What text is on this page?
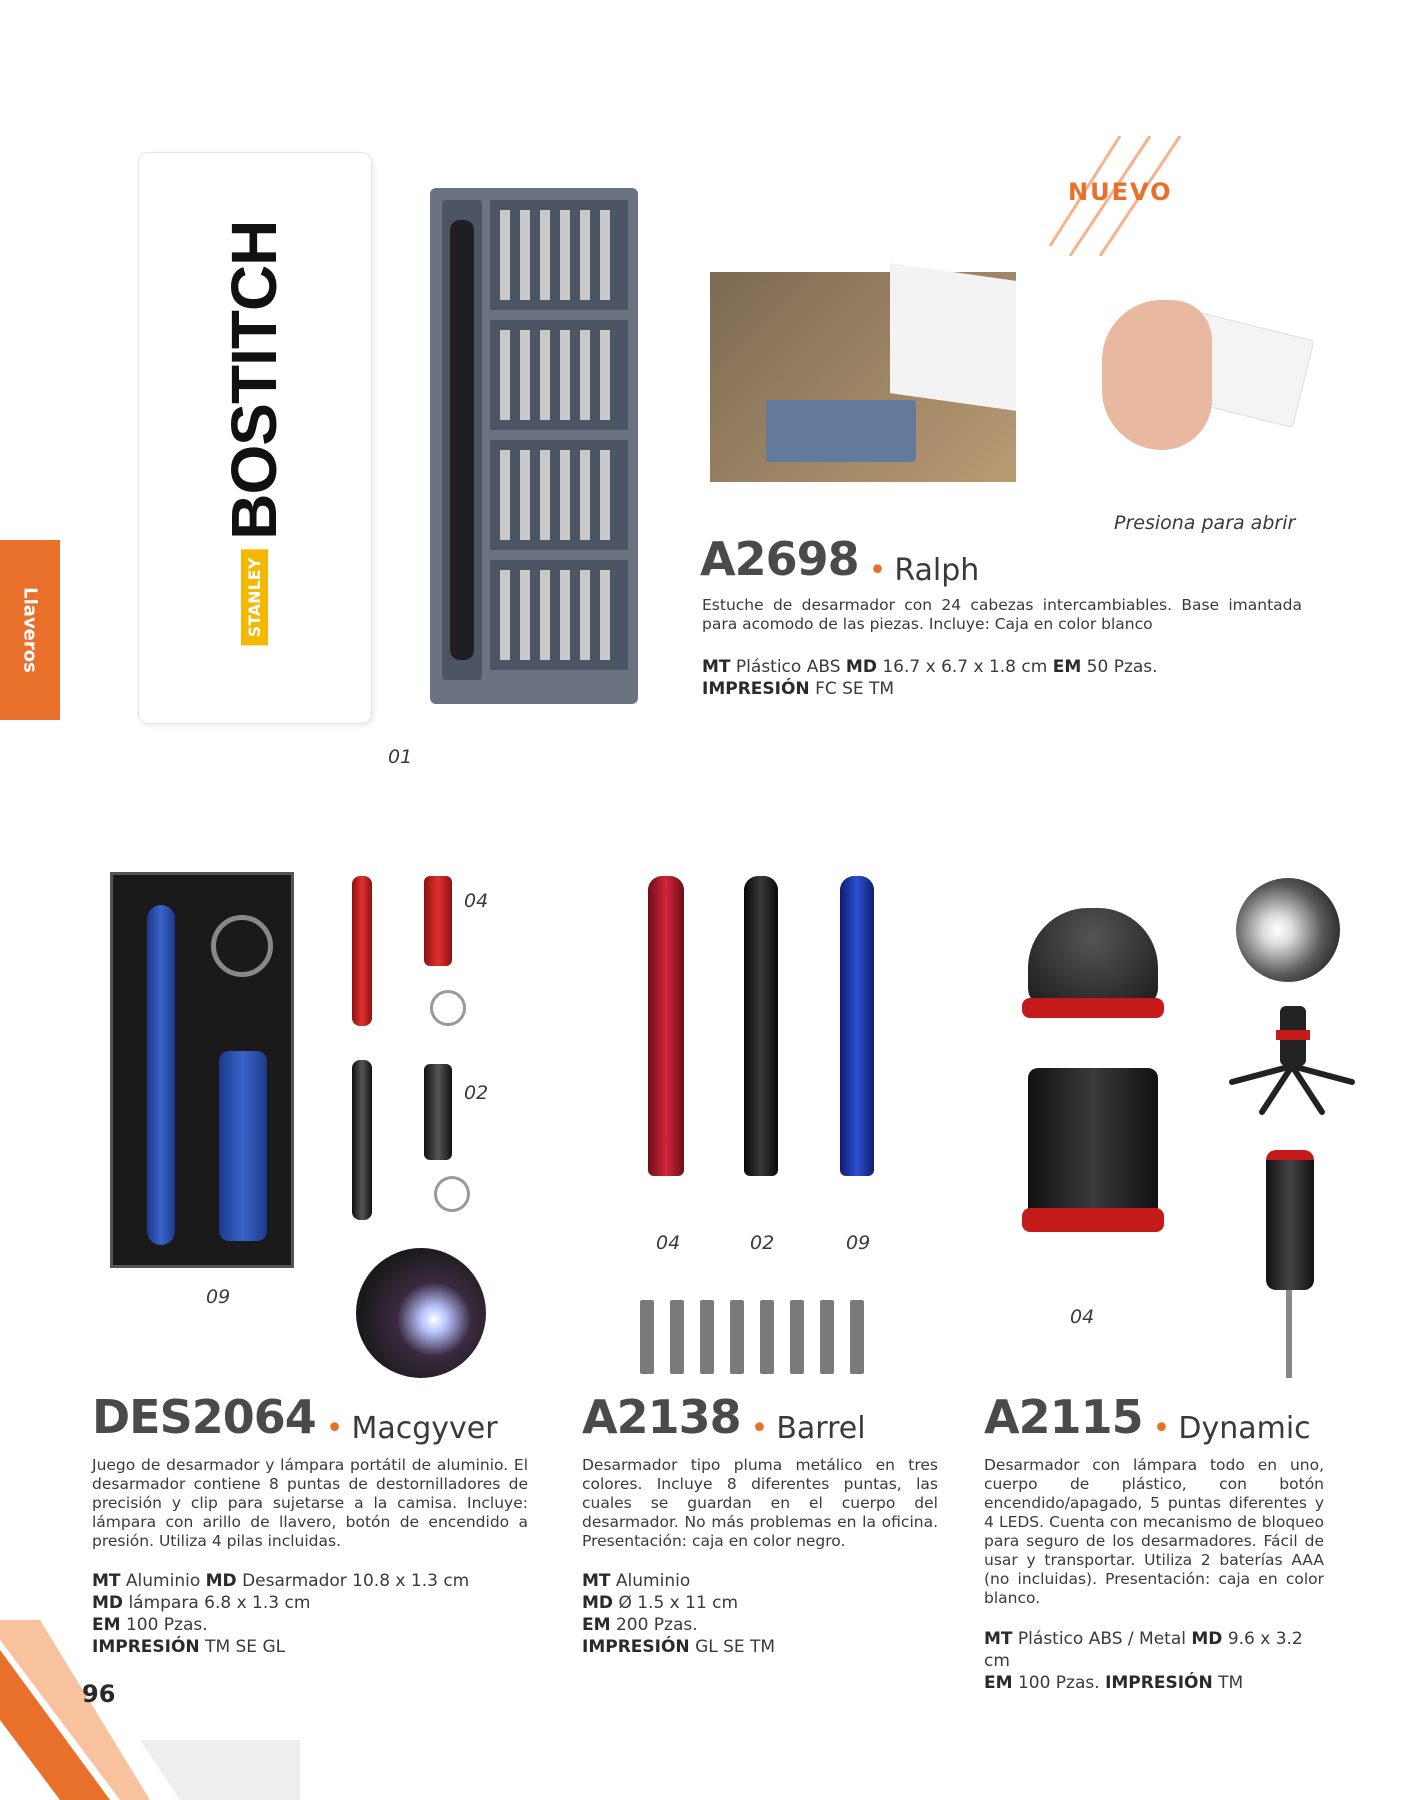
Llaveros
96
STANLEY
BOSTITCH
01
NUEVO
Presiona para abrir
A2698 • Ralph
Estuche de desarmador con 24 cabezas intercambiables. Base imantada para acomodo de las piezas. Incluye: Caja en color blanco
MT Plástico ABS MD 16.7 x 6.7 x 1.8 cm EM 50 Pzas.
IMPRESIÓN FC SE TM
09
04
02
DES2064 • Macgyver
Juego de desarmador y lámpara portátil de aluminio. El desarmador contiene 8 puntas de destornilladores de precisión y clip para sujetarse a la camisa. Incluye: lámpara con arillo de llavero, botón de encendido a presión. Utiliza 4 pilas incluidas.
MT Aluminio MD Desarmador 10.8 x 1.3 cm
MD lámpara 6.8 x 1.3 cm
EM 100 Pzas.
IMPRESIÓN TM SE GL
04	02	09
A2138 • Barrel
Desarmador tipo pluma metálico en tres colores. Incluye 8 diferentes puntas, las cuales se guardan en el cuerpo del desarmador. No más problemas en la oficina. Presentación: caja en color negro.
MT Aluminio
MD Ø 1.5 x 11 cm
EM 200 Pzas.
IMPRESIÓN GL SE TM
04
A2115 • Dynamic
Desarmador con lámpara todo en uno, cuerpo de plástico, con botón encendido/apagado, 5 puntas diferentes y 4 LEDS. Cuenta con mecanismo de bloqueo para seguro de los desarmadores. Fácil de usar y transportar. Utiliza 2 baterías AAA (no incluidas). Presentación: caja en color blanco.
MT Plástico ABS / Metal MD 9.6 x 3.2 cm
EM 100 Pzas. IMPRESIÓN TM
